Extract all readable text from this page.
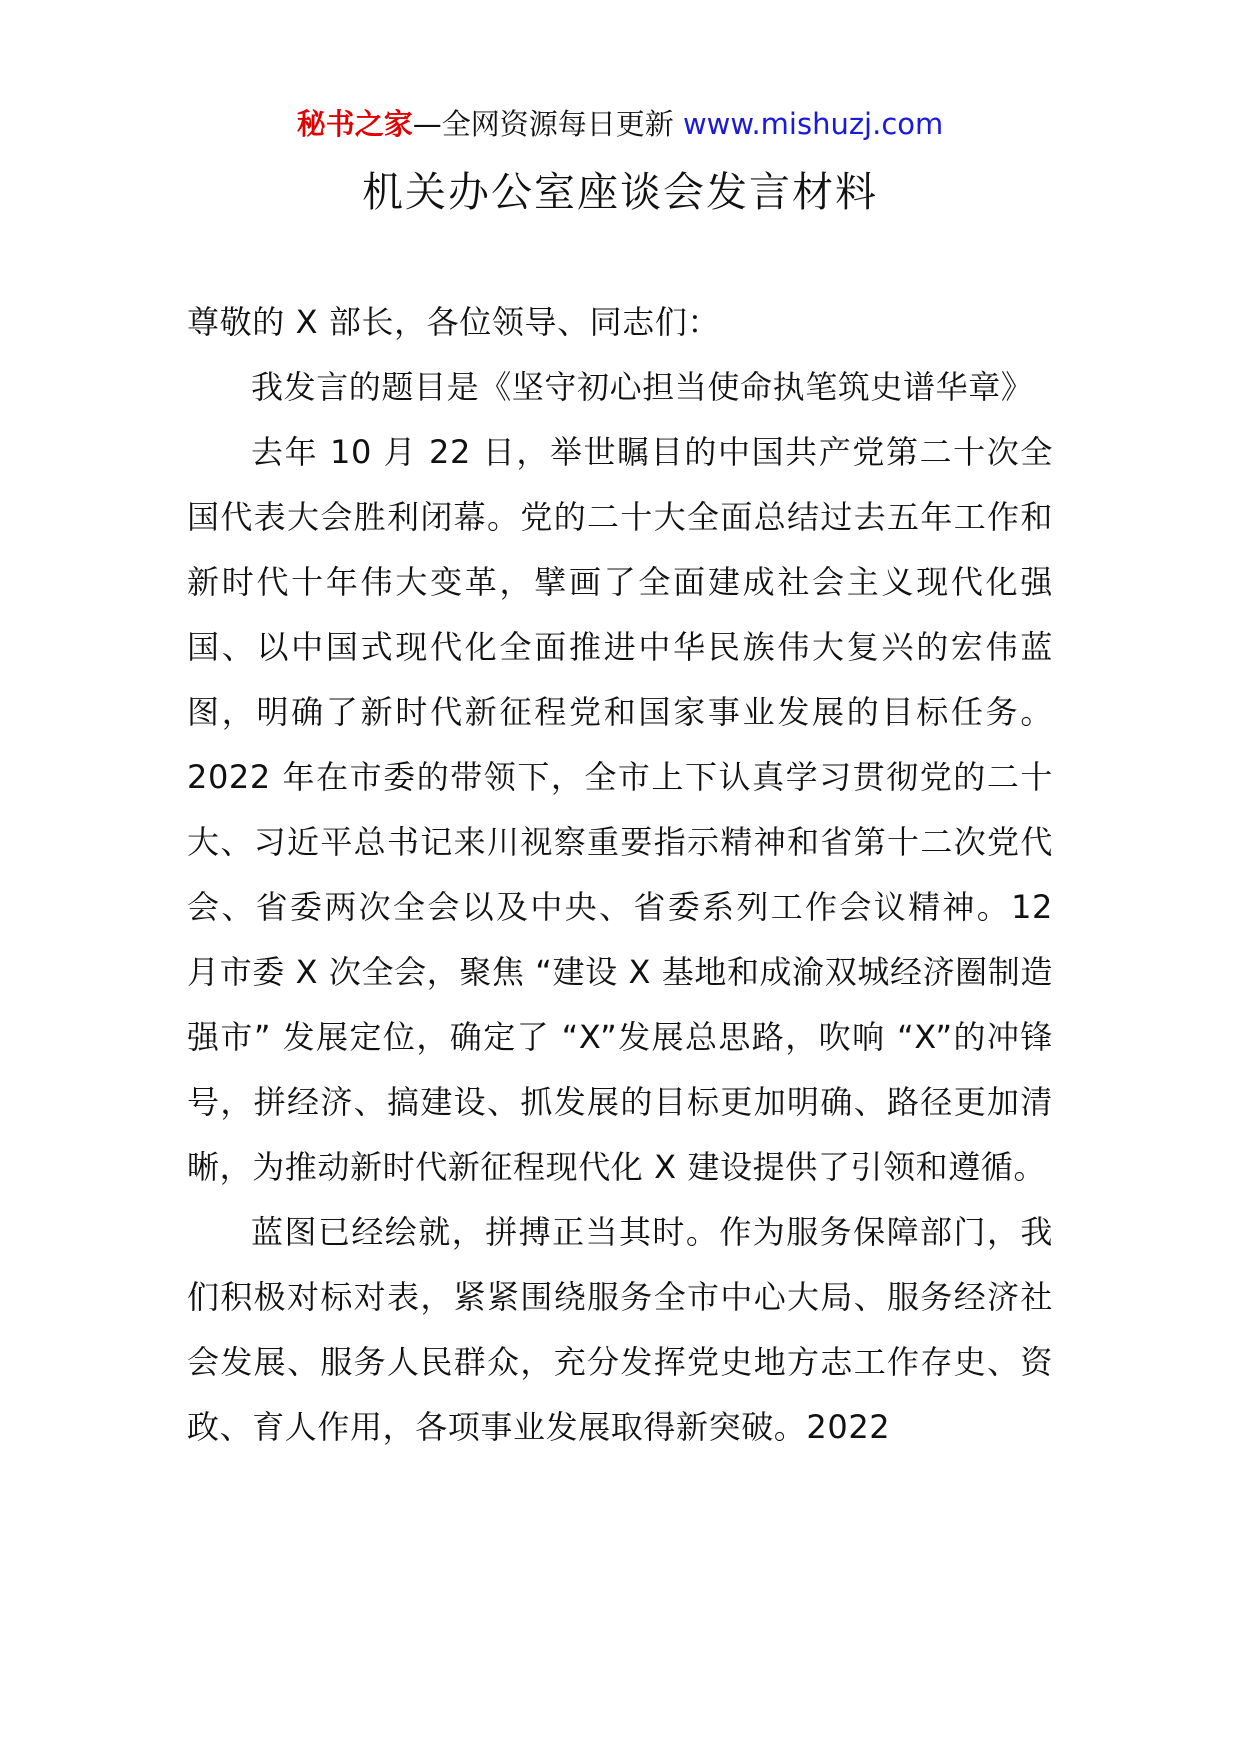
秘书之家—全网资源每日更新 www.mishuzj.com
机关办公室座谈会发言材料

尊敬的 X 部长，各位领导、同志们：

我发言的题目是《坚守初心担当使命执笔筑史谱华章》

去年 10 月 22 日，举世瞩目的中国共产党第二十次全国代表大会胜利闭幕。党的二十大全面总结过去五年工作和新时代十年伟大变革，擘画了全面建成社会主义现代化强国、以中国式现代化全面推进中华民族伟大复兴的宏伟蓝图，明确了新时代新征程党和国家事业发展的目标任务。2022 年在市委的带领下，全市上下认真学习贯彻党的二十大、习近平总书记来川视察重要指示精神和省第十二次党代会、省委两次全会以及中央、省委系列工作会议精神。12 月市委 X 次全会，聚焦 “建设 X 基地和成渝双城经济圈制造强市” 发展定位，确定了 “X”发展总思路，吹响 “X”的冲锋号，拼经济、搞建设、抓发展的目标更加明确、路径更加清晰，为推动新时代新征程现代化 X 建设提供了引领和遵循。

蓝图已经绘就，拼搏正当其时。作为服务保障部门，我们积极对标对表，紧紧围绕服务全市中心大局、服务经济社会发展、服务人民群众，充分发挥党史地方志工作存史、资政、育人作用，各项事业发展取得新突破。2022
